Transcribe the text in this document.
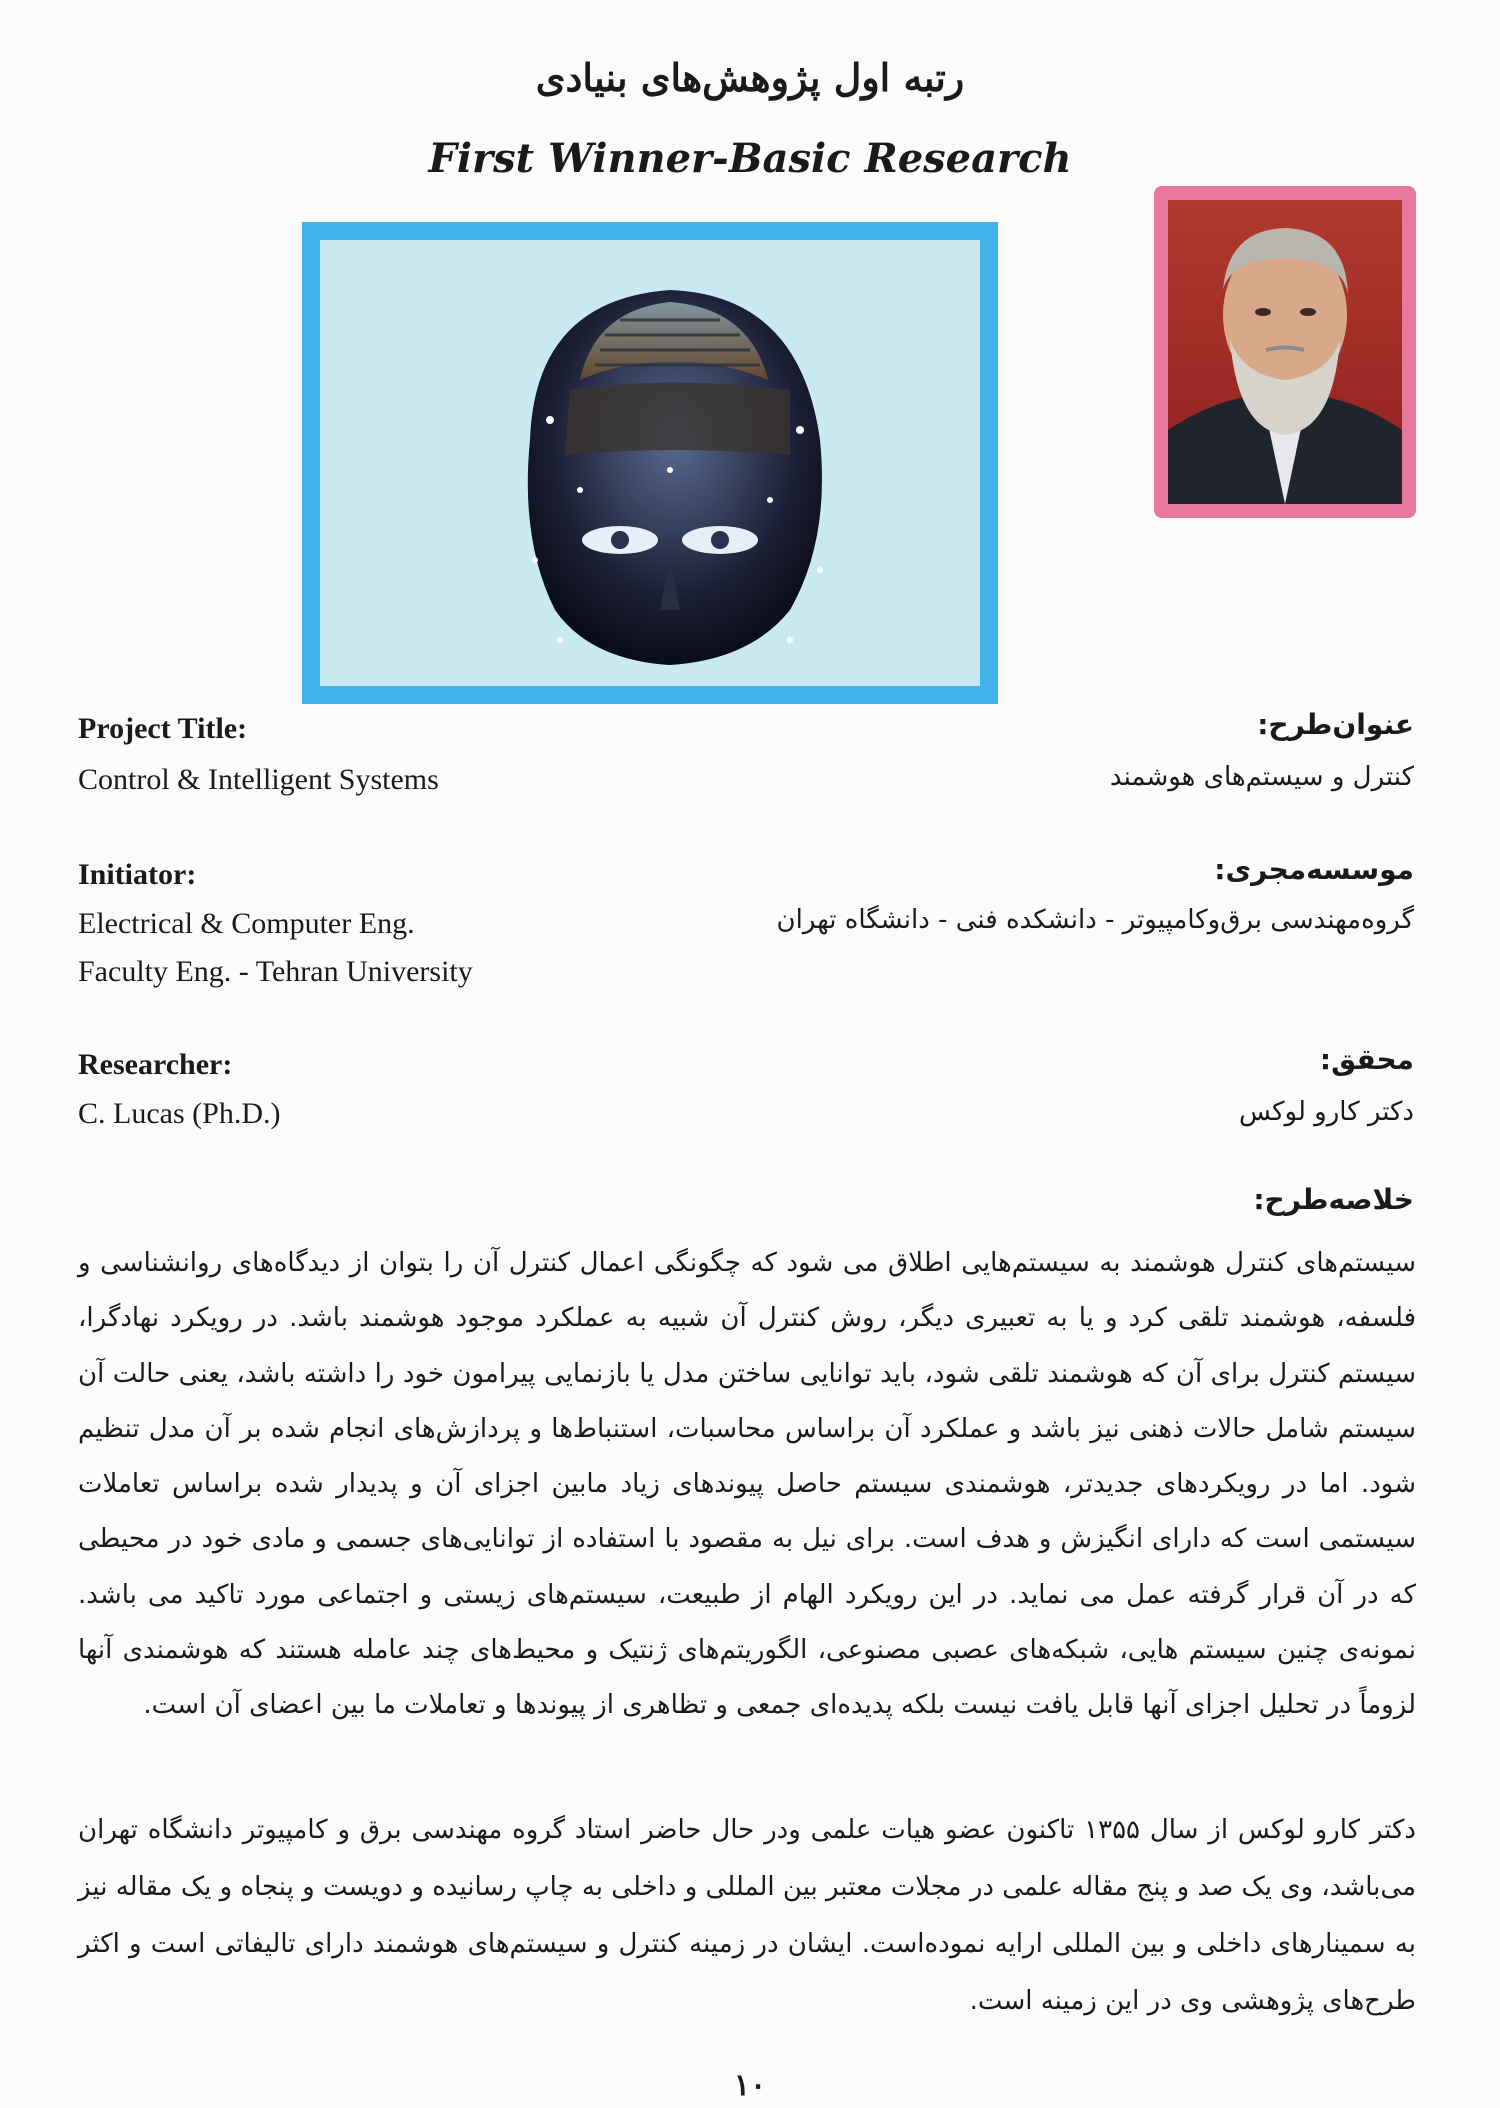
رتبه اول پژوهش‌های بنیادی
First Winner-Basic Research
Project Title:
Control & Intelligent Systems
عنوان‌طرح:
کنترل و سیستم‌های هوشمند
Initiator:
Electrical & Computer Eng.
Faculty Eng. - Tehran University
موسسه‌مجری:
گروه‌مهندسی برق‌وکامپیوتر - دانشکده فنی - دانشگاه تهران
Researcher:
C. Lucas (Ph.D.)
محقق:
دکتر کارو لوکس
خلاصه‌طرح:

سیستم‌های کنترل هوشمند به سیستم‌هایی اطلاق می شود که چگونگی اعمال کنترل آن را بتوان از دیدگاه‌های روانشناسی و فلسفه، هوشمند تلقی کرد و یا به تعبیری دیگر، روش کنترل آن شبیه به عملکرد موجود هوشمند باشد. در رویکرد نهادگرا، سیستم کنترل برای آن که هوشمند تلقی شود، باید توانایی ساختن مدل یا بازنمایی پیرامون خود را داشته باشد، یعنی حالت آن سیستم شامل حالات ذهنی نیز باشد و عملکرد آن براساس محاسبات، استنباط‌ها و پردازش‌های انجام شده بر آن مدل تنظیم شود. اما در رویکردهای جدیدتر، هوشمندی سیستم حاصل پیوندهای زیاد مابین اجزای آن و پدیدار شده براساس تعاملات سیستمی است که دارای انگیزش و هدف است. برای نیل به مقصود با استفاده از توانایی‌های جسمی و مادی خود در محیطی که در آن قرار گرفته عمل می نماید. در این رویکرد الهام از طبیعت، سیستم‌های زیستی و اجتماعی مورد تاکید می باشد. نمونه‌ی چنین سیستم هایی، شبکه‌های عصبی مصنوعی، الگوریتم‌های ژنتیک و محیط‌های چند عامله هستند که هوشمندی آنها لزوماً در تحلیل اجزای آنها قابل یافت نیست بلکه پدیده‌ای جمعی و تظاهری از پیوندها و تعاملات ما بین اعضای آن است.

دکتر کارو لوکس از سال ۱۳۵۵ تاکنون عضو هیات علمی ودر حال حاضر استاد گروه مهندسی برق و کامپیوتر دانشگاه تهران می‌باشد، وی یک صد و پنج مقاله علمی در مجلات معتبر بین المللی و داخلی به چاپ رسانیده و دویست و پنجاه و یک مقاله نیز به سمینارهای داخلی و بین المللی ارایه نموده‌است. ایشان در زمینه کنترل و سیستم‌های هوشمند دارای تالیفاتی است و اکثر طرح‌های پژوهشی وی در این زمینه است.
۱۰
